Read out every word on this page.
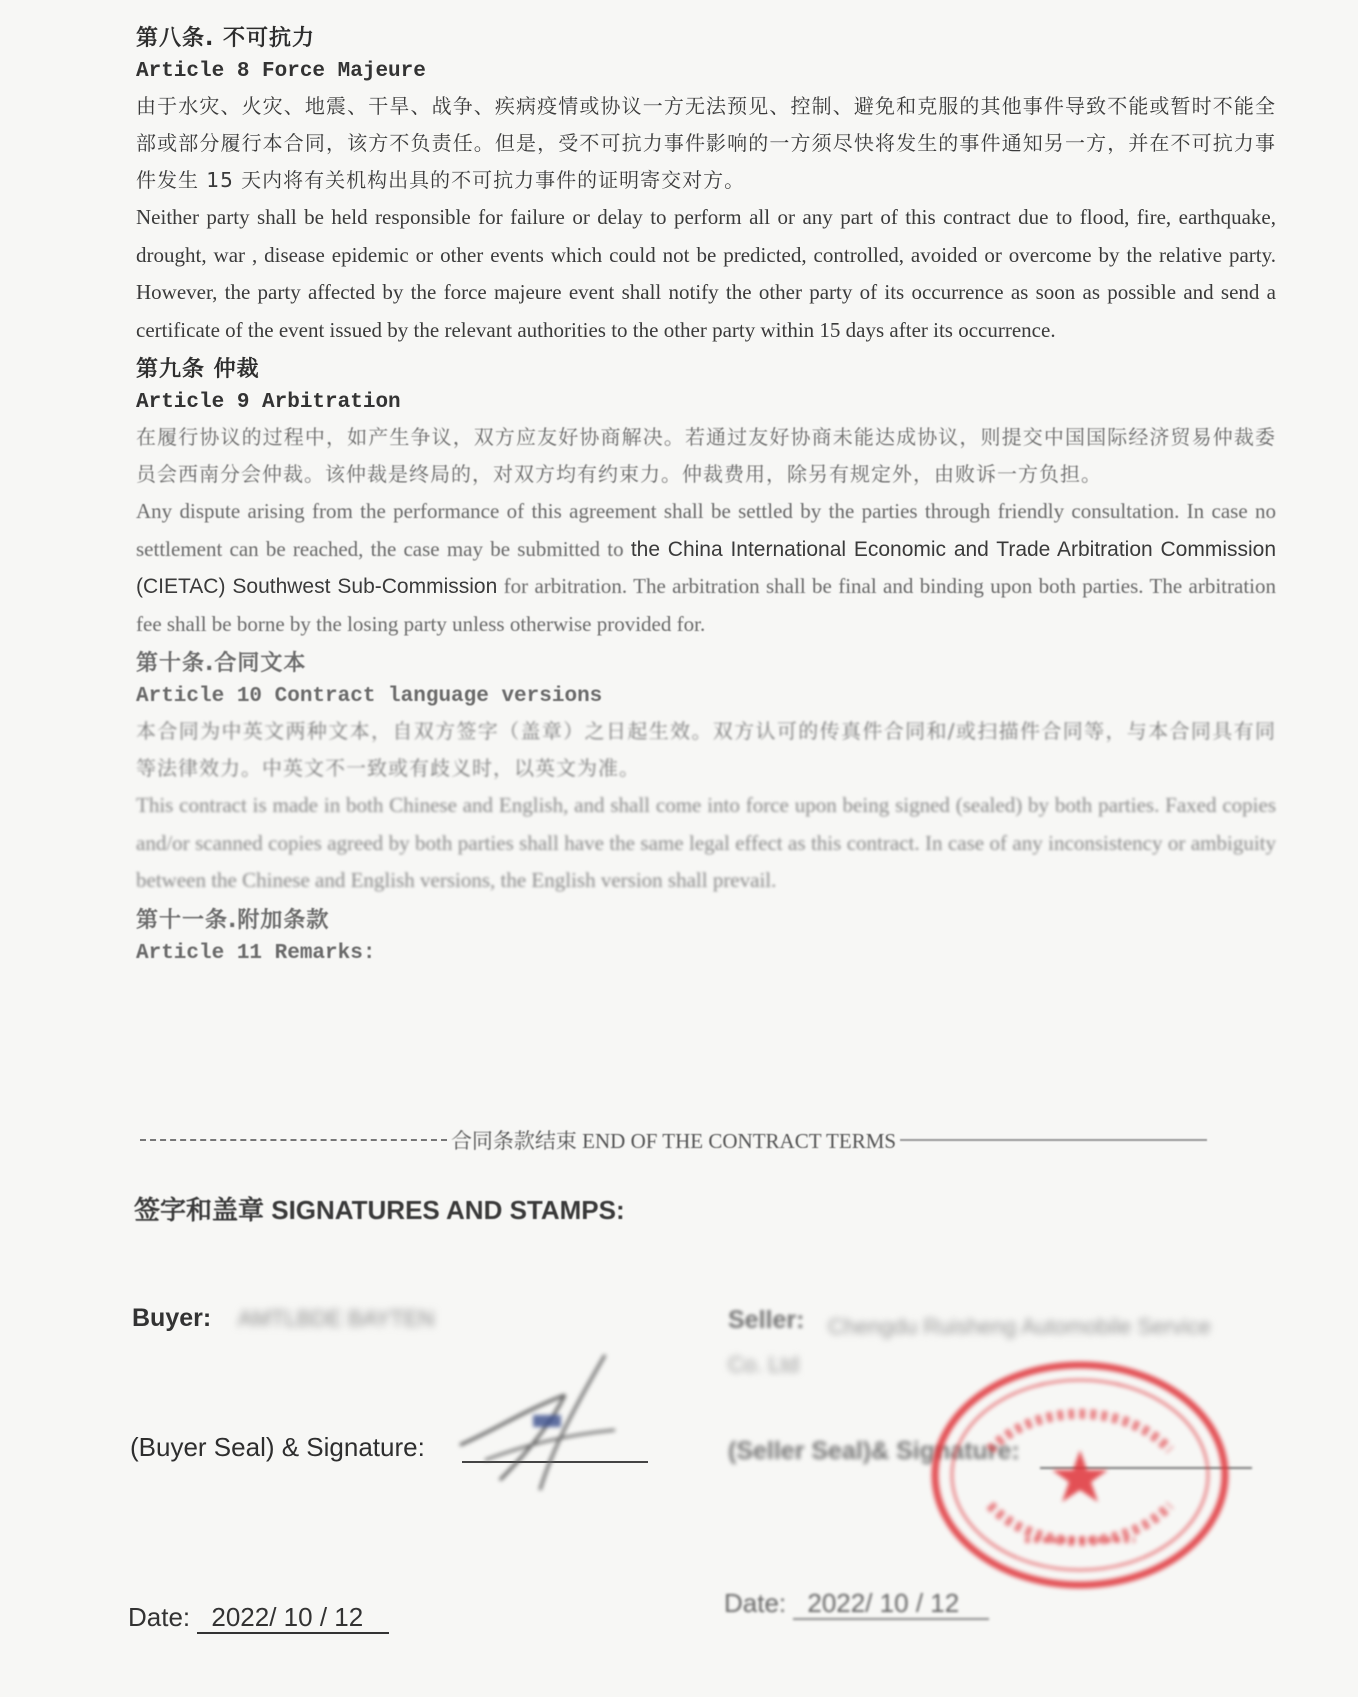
第八条. 不可抗力
Article 8 Force Majeure
由于水灾、火灾、地震、干旱、战争、疾病疫情或协议一方无法预见、控制、避免和克服的其他事件导致不能或暂时不能全部或部分履行本合同，该方不负责任。但是，受不可抗力事件影响的一方须尽快将发生的事件通知另一方，并在不可抗力事件发生 15 天内将有关机构出具的不可抗力事件的证明寄交对方。
Neither party shall be held responsible for failure or delay to perform all or any part of this contract due to flood, fire, earthquake, drought, war , disease epidemic or other events which could not be predicted, controlled, avoided or overcome by the relative party. However, the party affected by the force majeure event shall notify the other party of its occurrence as soon as possible and send a certificate of the event issued by the relevant authorities to the other party within 15 days after its occurrence.
第九条 仲裁
Article 9 Arbitration
在履行协议的过程中，如产生争议，双方应友好协商解决。若通过友好协商未能达成协议，则提交中国国际经济贸易仲裁委员会西南分会仲裁。该仲裁是终局的，对双方均有约束力。仲裁费用，除另有规定外，由败诉一方负担。
Any dispute arising from the performance of this agreement shall be settled by the parties through friendly consultation. In case no settlement can be reached, the case may be submitted to the China International Economic and Trade Arbitration Commission (CIETAC) Southwest Sub-Commission for arbitration. The arbitration shall be final and binding upon both parties. The arbitration fee shall be borne by the losing party unless otherwise provided for.
第十条.合同文本
Article 10 Contract language versions
本合同为中英文两种文本，自双方签字（盖章）之日起生效。双方认可的传真件合同和/或扫描件合同等，与本合同具有同等法律效力。中英文不一致或有歧义时，以英文为准。
This contract is made in both Chinese and English, and shall come into force upon being signed (sealed) by both parties. Faxed copies and/or scanned copies agreed by both parties shall have the same legal effect as this contract. In case of any inconsistency or ambiguity between the Chinese and English versions, the English version shall prevail.
第十一条.附加条款
Article 11 Remarks:
合同条款结束 END OF THE CONTRACT TERMS
签字和盖章 SIGNATURES AND STAMPS:
Buyer: AMTLBDE BAYTEN
(Buyer Seal) & Signature:
Seller: Chengdu Ruisheng Automobile Service
Co. Ltd
(Seller Seal)& Signature:
Date: 2022/ 10 / 12	Date: 2022/ 10 / 12
